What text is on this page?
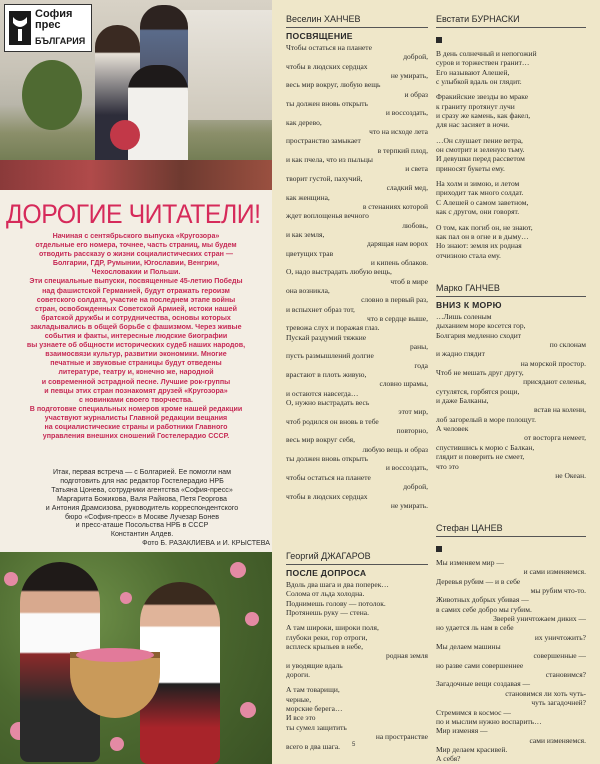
София
прес
БЪЛГАРИЯ
ДОРОГИЕ ЧИТАТЕЛИ!

Начиная с сентябрьского выпуска «Кругозора»

отдельные его номера, точнее, часть страниц, мы будем

отводить рассказу о жизни социалистических стран —

Болгарии, ГДР, Румынии, Югославии, Венгрии,

Чехословакии и Польши.

Эти специальные выпуски, посвященные 45-летию Победы

над фашистской Германией, будут отражать героизм

советского солдата, участие на последнем этапе войны

стран, освобожденных Советской Армией, истоки нашей

братской дружбы и сотрудничества, основы которых

закладывались в общей борьбе с фашизмом. Через живые

события и факты, интересные людские биографии

вы узнаете об общности исторических судеб наших народов,

взаимосвязи культур, развитии экономики. Многие

печатные и звуковые страницы будут отведены

литературе, театру и, конечно же, народной

и современной эстрадной песне. Лучшие рок-группы

и певцы этих стран познакомят друзей «Кругозора»

с новинками своего творчества.

В подготовке специальных номеров кроме нашей редакции

участвуют журналисты Главной редакции вещания

на социалистические страны и работники Главного

управления внешних сношений Гостелерадио СССР.

Итак, первая встреча — с Болгарией. Ее помогли нам

подготовить для нас редактор Гостелерадио НРБ

Татьяна Цонева, сотрудники агентства «София-пресс»

Маргарита Божикова, Валя Райкова, Петя Георгова

и Антония Драмсизова, руководитель корреспондентского

бюро «София-пресс» в Москве Лучезар Бонев

и пресс-аташе Посольства НРБ в СССР

Константин Алдев.

Фото Б. РАЗАКЛИЕВА и И. КРЫСТЕВА

Веселин ХАНЧЕВ

ПОСВЯЩЕНИЕ

Чтобы остаться на планете

доброй,

чтобы в людских сердцах

не умирать,

весь мир вокруг, любую вещь

и образ

ты должен вновь открыть

и воссоздать,

как дерево,

что на исходе лета

пространство замыкает

в терпкий плод,

и как пчела, что из пыльцы

и света

творит густой, пахучий,

сладкий мед,

как женщина,

в стенаниях которой

ждет воплощенья вечного

любовь,

и как земля,

дарящая нам ворох

цветущих трав

и кипень облаков.

О, надо выстрадать любую вещь,

чтоб в мире

она возникла,

словно в первый раз,

и вспыхнет образ тот,

что в сердце выше,

тревожа слух и поражая глаз.

Пускай раздумий тяжкие

раны,

пусть размышлений долгие

года

врастают в плоть живую,

словно шрамы,

и остаются навсегда…

О, нужно выстрадать весь

этот мир,

чтоб родился он вновь в тебе

повторно,

весь мир вокруг себя,

любую вещь и образ

ты должен вновь открыть

и воссоздать,

чтобы остаться на планете

доброй,

чтобы в людских сердцах

не умирать.

Георгий ДЖАГАРОВ

ПОСЛЕ ДОПРОСА

Вдоль два шага и два поперек…

Солома от льда холодна.

Поднимешь голову — потолок.

Протянешь руку — стена.

А там широки, широки поля,

глубоки реки, гор отроги,

всплеск крыльев в небе,

родная земля

и уводящие вдаль

дороги.

А там товарищи,

черные,

морские берега…

И все это

ты сумел защитить

на пространстве

всего в два шага.

Евстати БУРНАСКИ

В день солнечный и непогожий

суров и торжествен гранит…

Его называют Алешей,

с улыбкой вдаль он глядит.

Фракийские звезды во мраке

к граниту протянут лучи

и сразу же камень, как факел,

для нас засияет в ночи.

…Он слушает пение ветра,

он смотрит и зеленую тьму.

И девушки перед рассветом

приносят букеты ему.

На холм и зимою, и летом

приходит так много солдат.

С Алешей о самом заветном,

как с другом, они говорят.

О том, как погиб он, не знают,

как пал он в огне и в дыму…

Но знают: земля их родная

отчизною стала ему.

Марко ГАНЧЕВ

ВНИЗ К МОРЮ

…Лишь соленым

дыханием море косется гор,

Болгария медленно сходит

по склонам

и жадно глядит

на морской простор.

Чтоб не мешать друг другу,

присядают селенья,

сутулятся, горбятся рощи,

и даже Балканы,

встав на колени,

лоб загорелый в море полощут.

А человек

от восторга немеет,

спустившись к морю с Балкан,

глядит и поверить не смеет,

что это

не Океан.

Стефан ЦАНЕВ

Мы изменяем мир —

и сами изменяемся.

Деревья рубим — и в себе

мы рубим что-то.

Животных добрых убивая —

в самих себе добро мы губим.

Зверей уничтожаем диких —

но удается ль нам в себе

их уничтожить?

Мы делаем машины

совершенные —

но разве сами совершеннее

становимся?

Загадочные вещи создавая —

становимся ли хоть чуть-

чуть загадочней?

Стремимся в космос —

по и мыслим нужно воспарить…

Мир изменяя —

сами изменяемся.

Мир делаем красивей.

А себя?

5
